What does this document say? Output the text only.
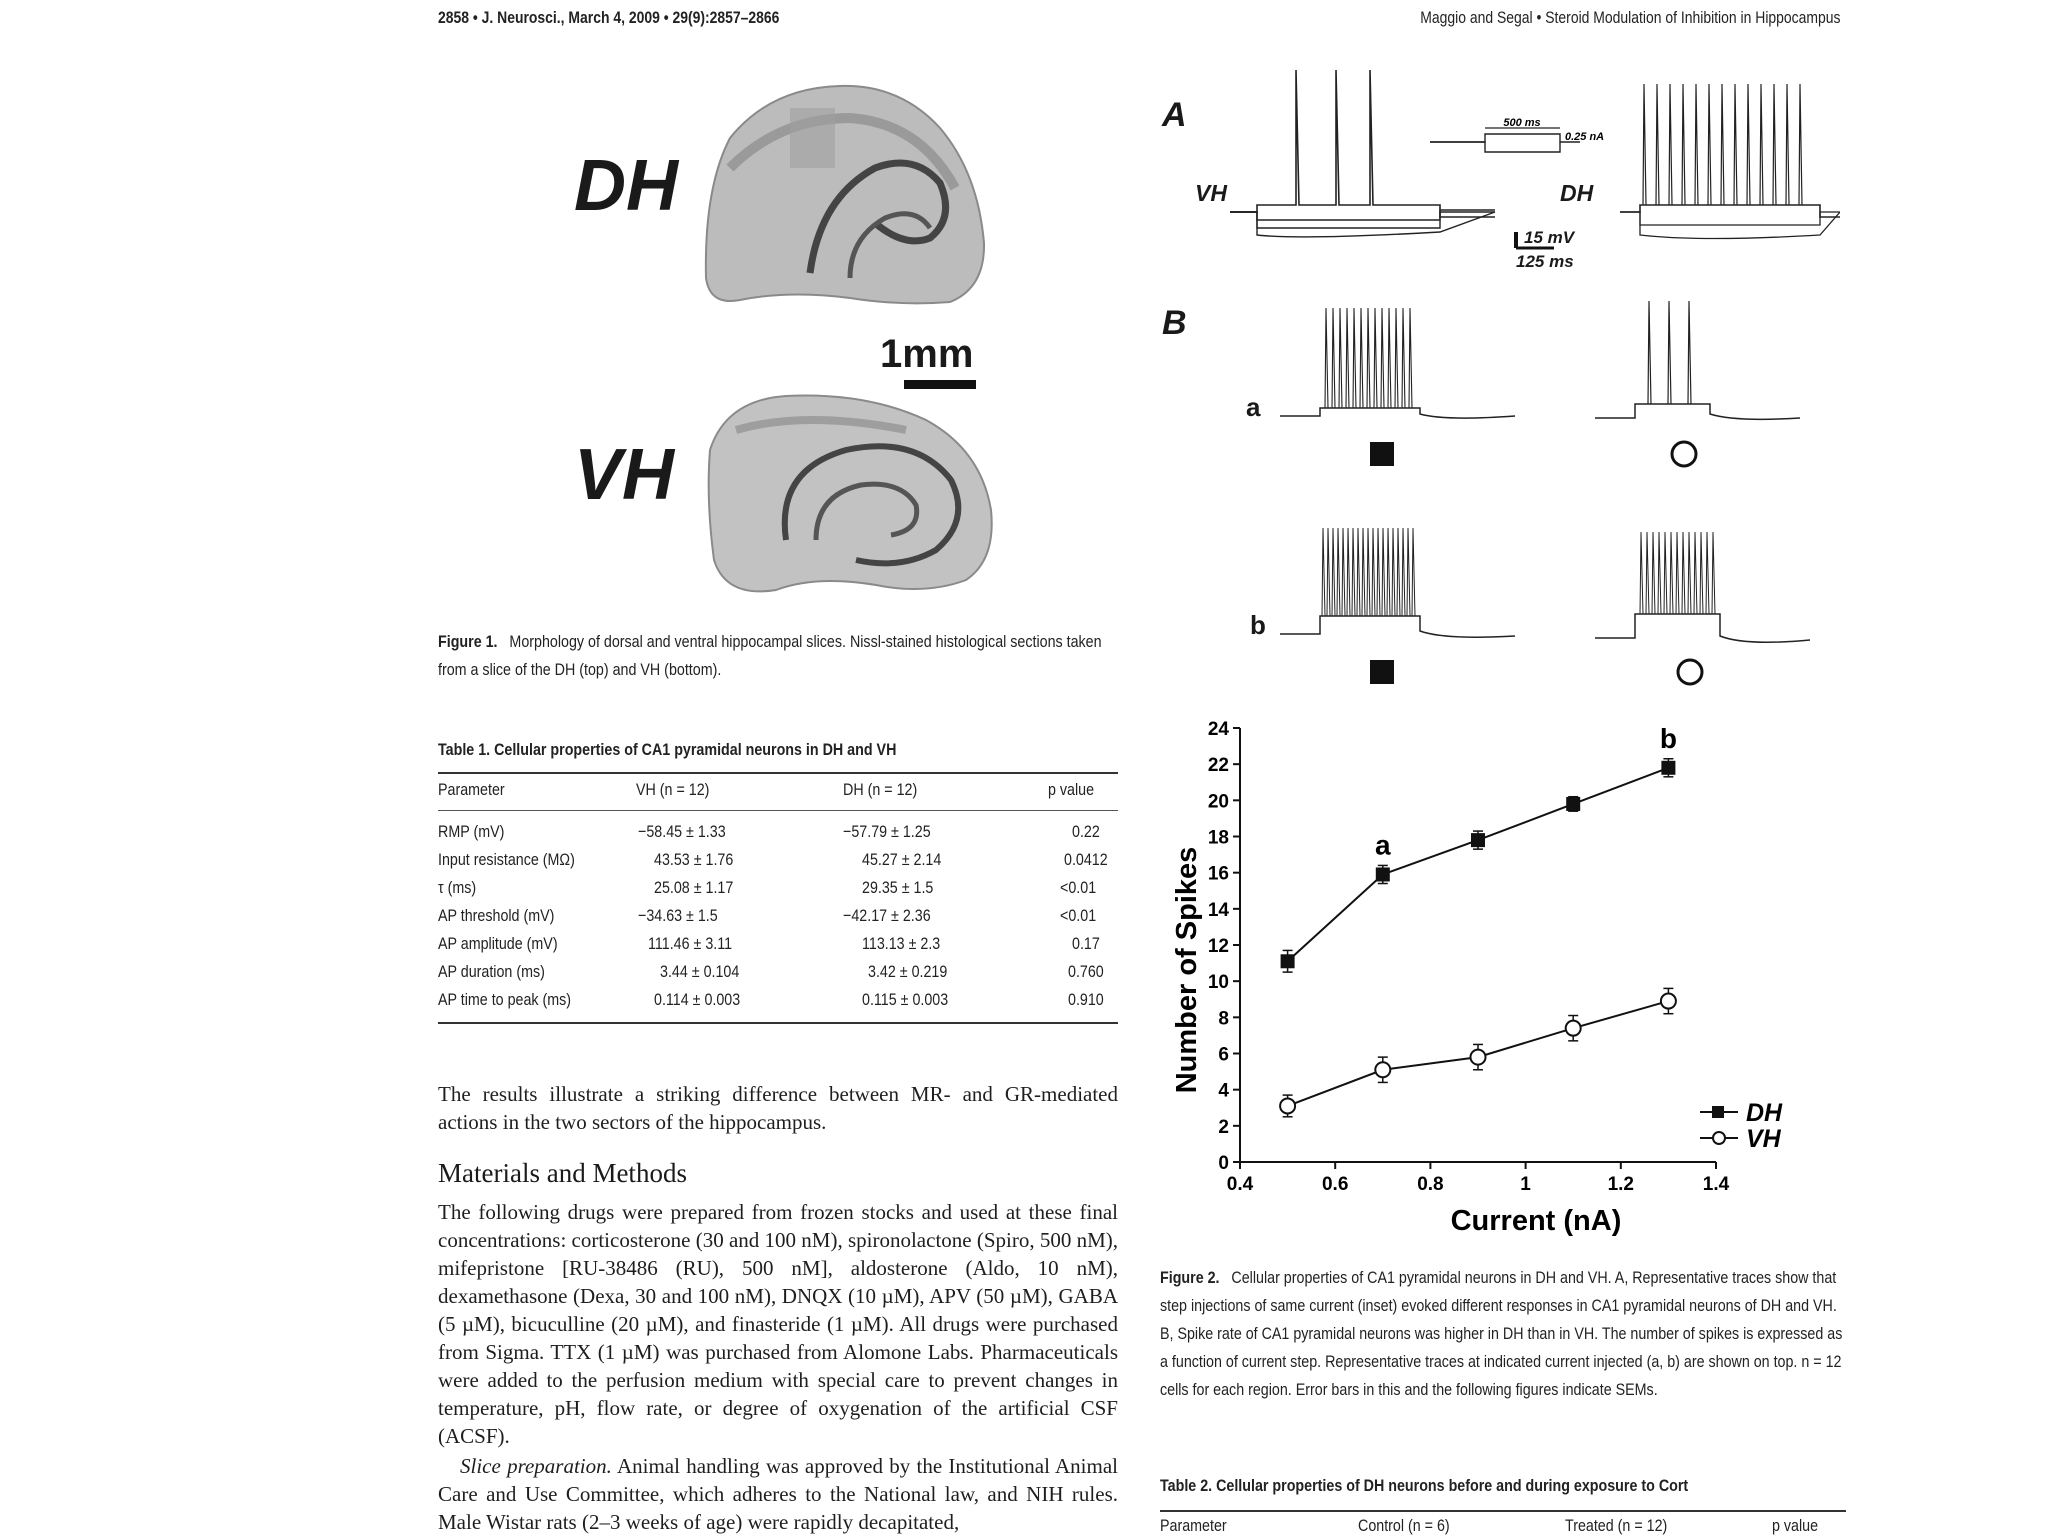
2858 • J. Neurosci., March 4, 2009 • 29(9):2857–2866	Maggio and Segal • Steroid Modulation of Inhibition in Hippocampus
DH
VH
1mm
Figure 1. Morphology of dorsal and ventral hippocampal slices. Nissl-stained histological sections taken from a slice of the DH (top) and VH (bottom).
Table 1. Cellular properties of CA1 pyramidal neurons in DH and VH
Parameter	VH (n = 12)	DH (n = 12)	p value
RMP (mV)	−58.45 ± 1.33	−57.79 ± 1.25	0.22
Input resistance (MΩ)	43.53 ± 1.76	45.27 ± 2.14	0.0412
τ (ms)	25.08 ± 1.17	29.35 ± 1.5	<0.01
AP threshold (mV)	−34.63 ± 1.5	−42.17 ± 2.36	<0.01
AP amplitude (mV)	111.46 ± 3.11	113.13 ± 2.3	0.17
AP duration (ms)	3.44 ± 0.104	3.42 ± 0.219	0.760
AP time to peak (ms)	0.114 ± 0.003	0.115 ± 0.003	0.910
The results illustrate a striking difference between MR- and GR-mediated actions in the two sectors of the hippocampus.
Materials and Methods
The following drugs were prepared from frozen stocks and used at these final concentrations: corticosterone (30 and 100 nM), spironolactone (Spiro, 500 nM), mifepristone [RU-38486 (RU), 500 nM], aldosterone (Aldo, 10 nM), dexamethasone (Dexa, 30 and 100 nM), DNQX (10 µM), APV (50 µM), GABA (5 µM), bicuculline (20 µM), and finasteride (1 µM). All drugs were purchased from Sigma. TTX (1 µM) was purchased from Alomone Labs. Pharmaceuticals were added to the perfusion medium with special care to prevent changes in temperature, pH, flow rate, or degree of oxygenation of the artificial CSF (ACSF).
Slice preparation. Animal handling was approved by the Institutional Animal Care and Use Committee, which adheres to the National law, and NIH rules. Male Wistar rats (2–3 weeks of age) were rapidly decapitated,
A	500 ms
0.25 nA
VH	DH
15 mV
125 ms
B
a
b
0
2
4
6
8
10
12
14
16
18
20
22
24
0.4	0.6	0.8	1	1.2	1.4
a
b
Current (nA)
Number of Spikes
DH
VH
Figure 2. Cellular properties of CA1 pyramidal neurons in DH and VH. A, Representative traces show that step injections of same current (inset) evoked different responses in CA1 pyramidal neurons of DH and VH. B, Spike rate of CA1 pyramidal neurons was higher in DH than in VH. The number of spikes is expressed as a function of current step. Representative traces at indicated current injected (a, b) are shown on top. n = 12 cells for each region. Error bars in this and the following figures indicate SEMs.
Table 2. Cellular properties of DH neurons before and during exposure to Cort
Parameter	Control (n = 6)	Treated (n = 12)	p value
